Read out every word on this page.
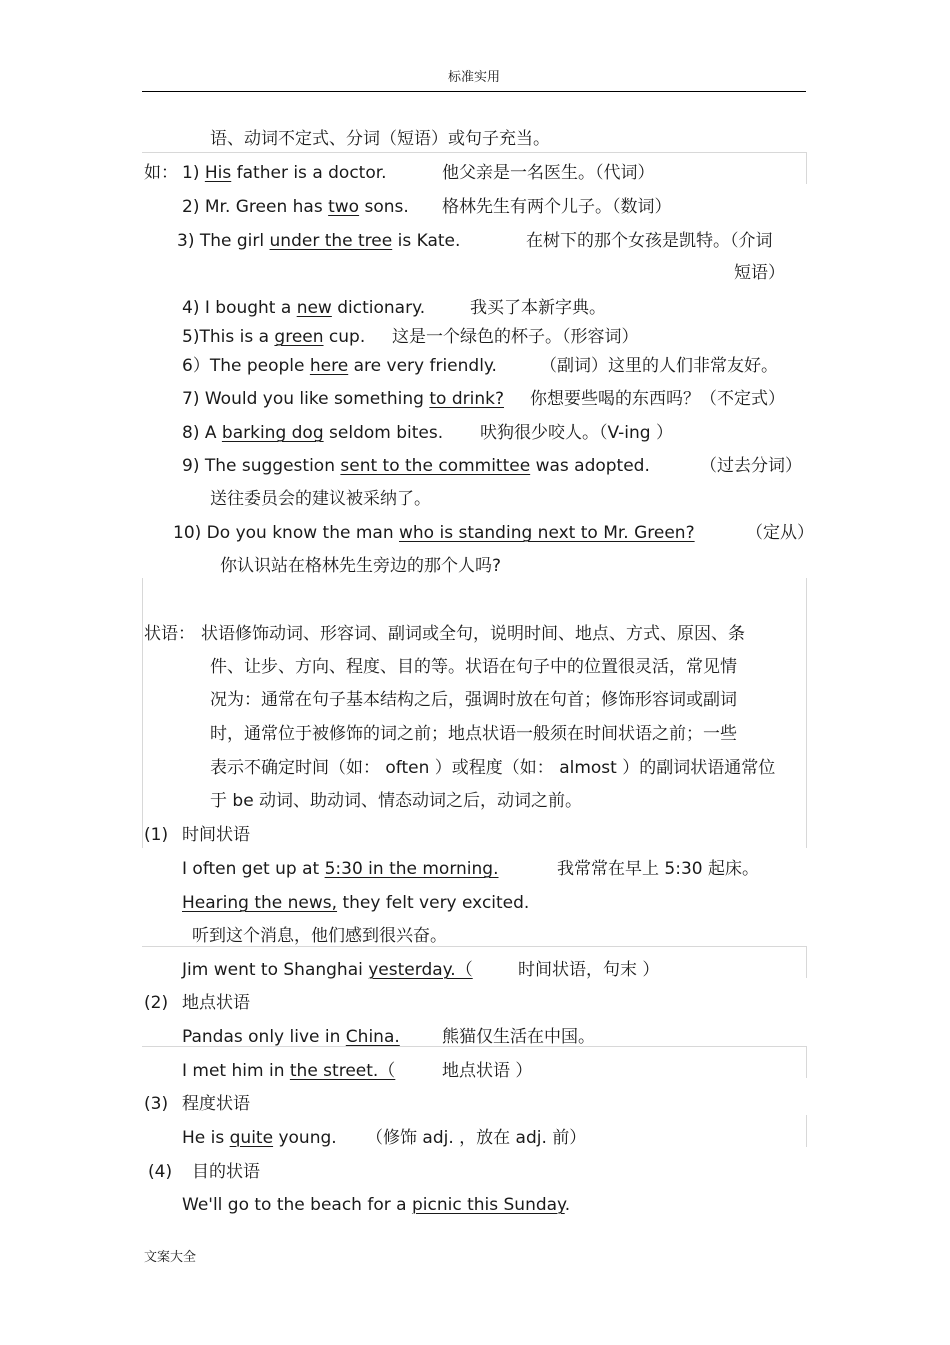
标准实用
文案大全
语、动词不定式、分词（短语）或句子充当。
如： 1) His father is a doctor.	他父亲是一名医生。（代词）
2) Mr. Green has two sons. 格林先生有两个儿子。（数词）
3) The girl under the tree is Kate.	在树下的那个女孩是凯特。（介词
短语）
4) I bought a new dictionary.	我买了本新字典。
5)This is a green cup. 这是一个绿色的杯子。（形容词）
6）The people here are very friendly.	（副词）这里的人们非常友好。
7) Would you like something to drink? 你想要些喝的东西吗？（不定式）
8) A barking dog seldom bites. 吠狗很少咬人。（V-ing ）
9) The suggestion sent to the committee was adopted.	（过去分词）
送往委员会的建议被采纳了。
10) Do you know the man who is standing next to Mr. Green?	（定从）
你认识站在格林先生旁边的那个人吗?
状语： 状语修饰动词、形容词、副词或全句，说明时间、地点、方式、原因、条
件、让步、方向、程度、目的等。状语在句子中的位置很灵活，常见情
况为：通常在句子基本结构之后，强调时放在句首；修饰形容词或副词
时，通常位于被修饰的词之前；地点状语一般须在时间状语之前；一些
表示不确定时间（如： often ）或程度（如： almost ）的副词状语通常位
于 be 动词、助动词、情态动词之后，动词之前。
(1) 时间状语
I often get up at 5:30 in the morning.	我常常在早上 5:30 起床。
Hearing the news, they felt very excited.
听到这个消息，他们感到很兴奋。
Jim went to Shanghai yesterday.（	时间状语，句末 ）
(2) 地点状语
Pandas only live in China. 熊猫仅生活在中国。
I met him in the street.（	地点状语 ）
(3) 程度状语
He is quite young. （修饰 adj. ，放在 adj. 前）
(4) 目的状语
We'll go to the beach for a picnic this Sunday.
